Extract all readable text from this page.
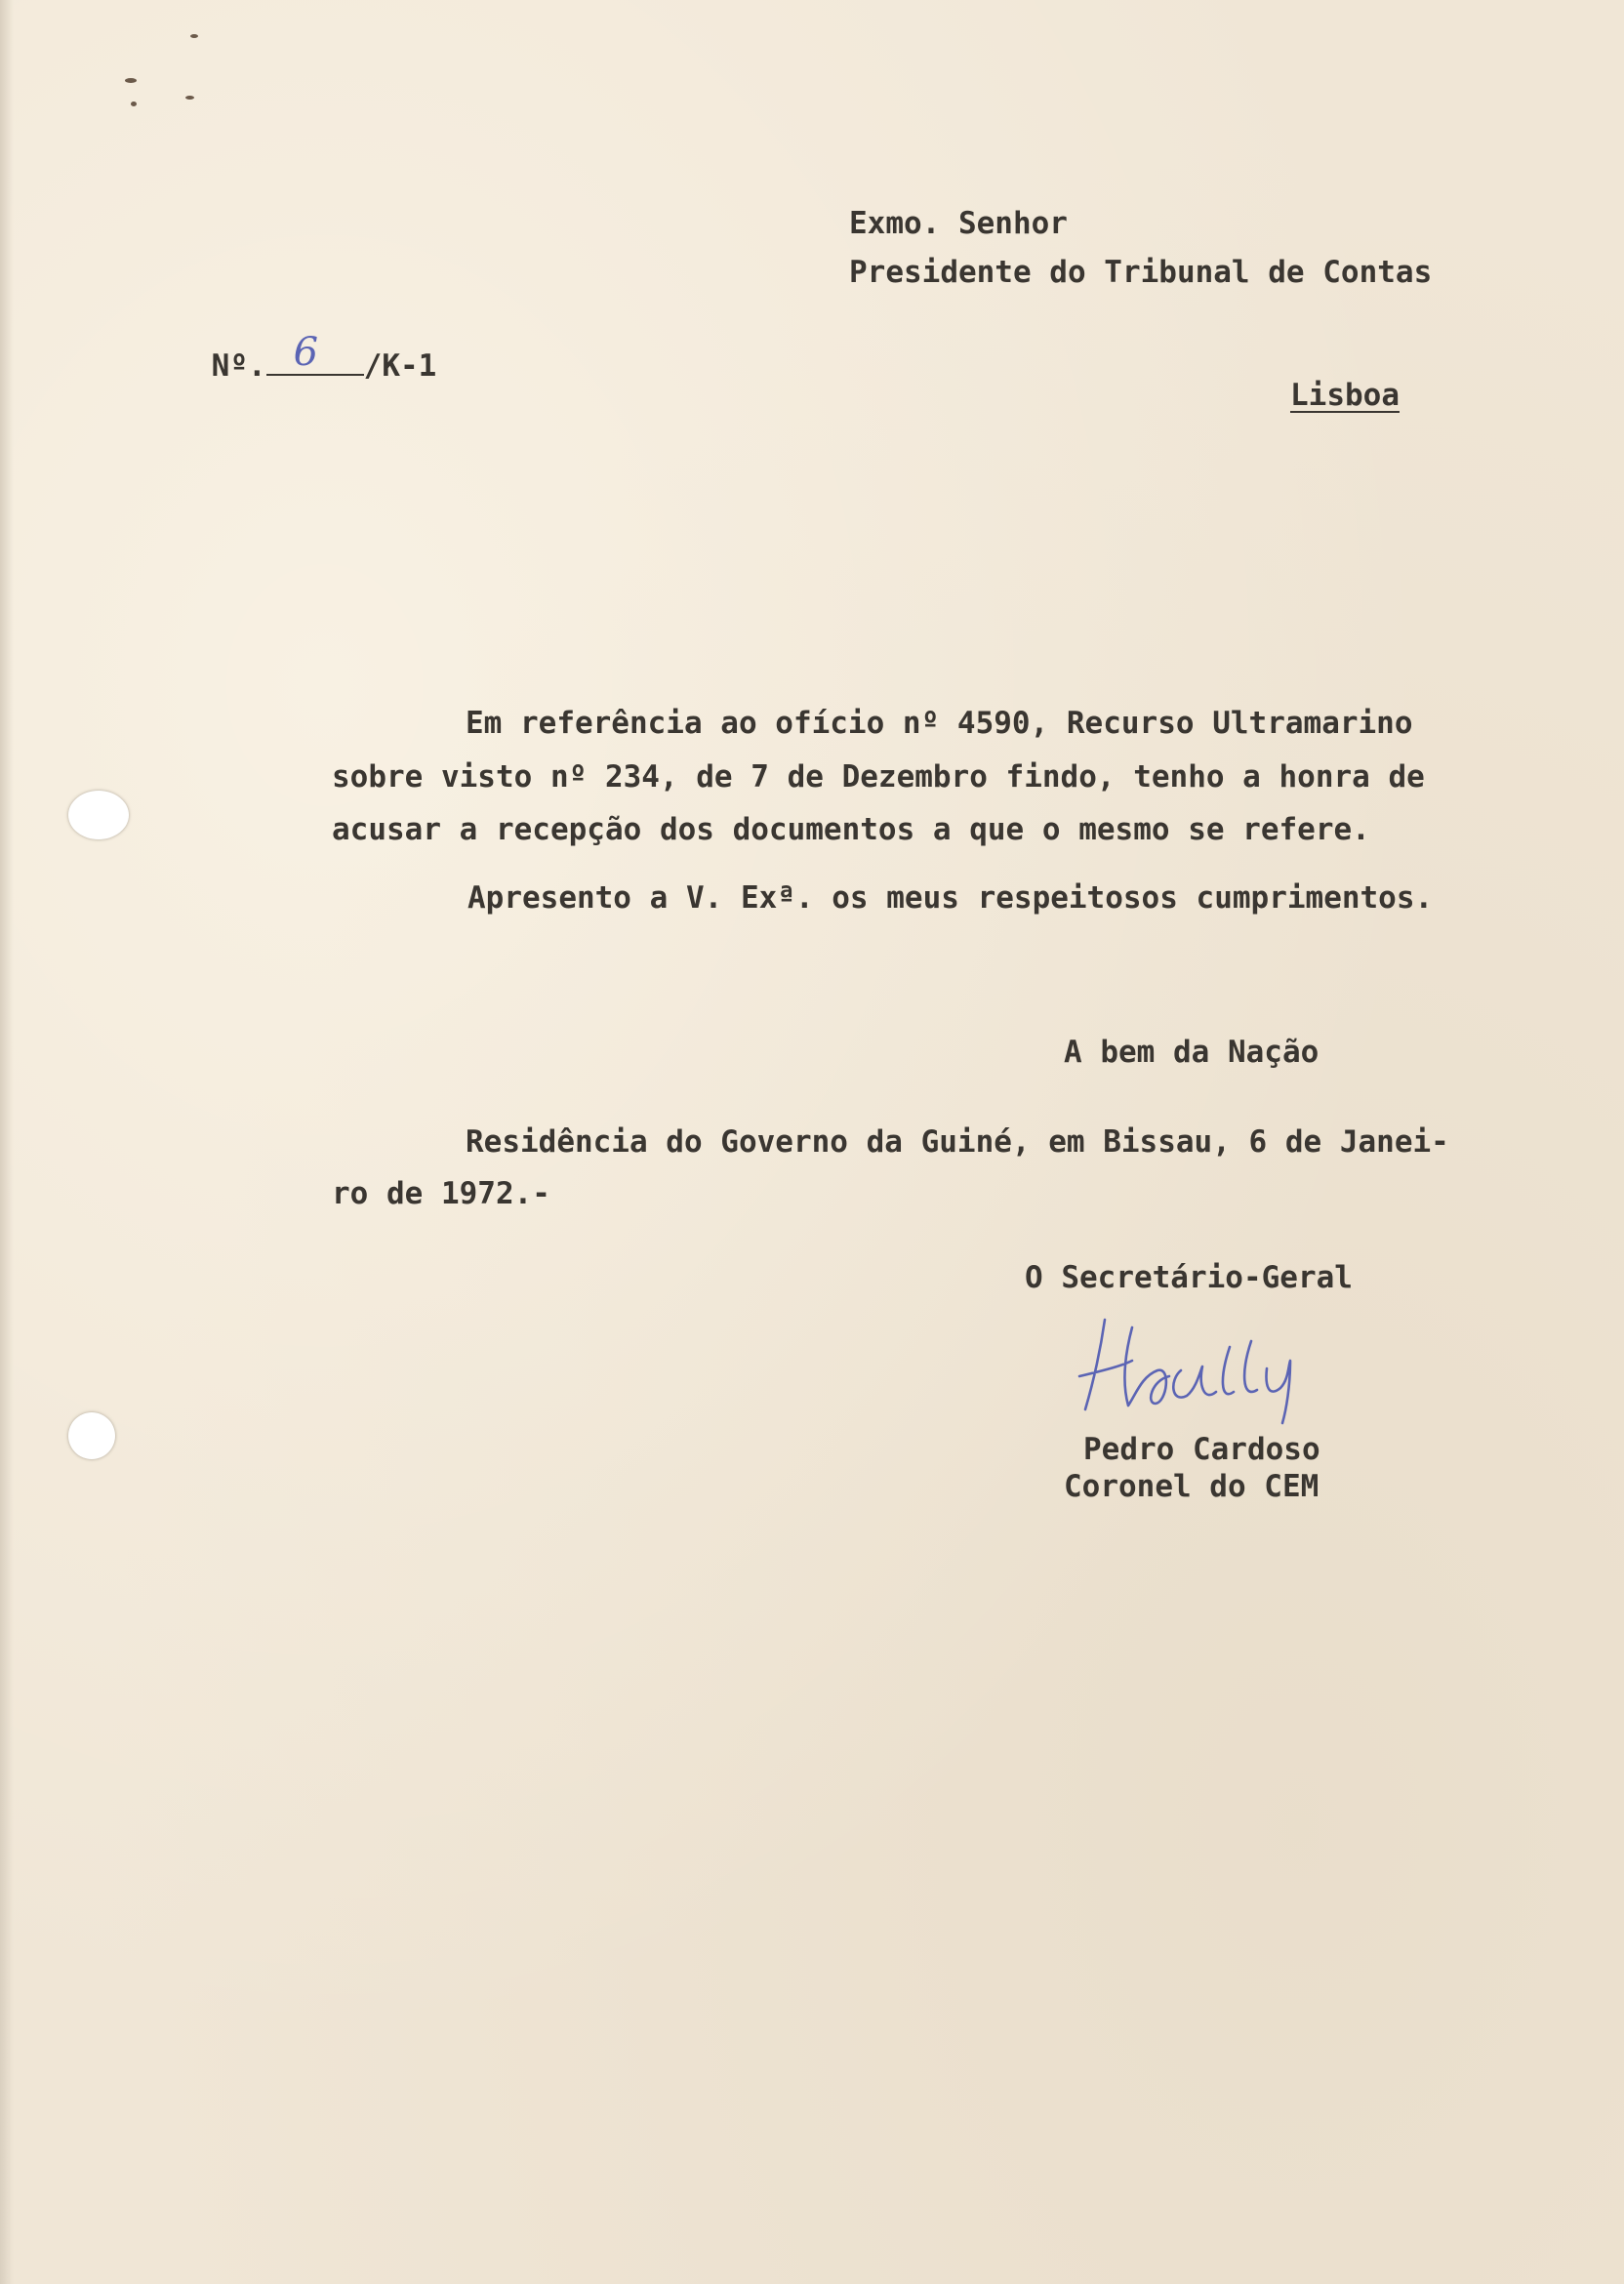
Exmo. Senhor
Presidente do Tribunal de Contas

Nº. 6 /K-1

Lisboa
Em referência ao ofício nº 4590, Recurso Ultramarino
sobre visto nº 234, de 7 de Dezembro findo, tenho a honra de
acusar a recepção dos documentos a que o mesmo se refere.
Apresento a V. Exª. os meus respeitosos cumprimentos.
A bem da Nação
Residência do Governo da Guiné, em Bissau, 6 de Janei-
ro de 1972.-
O Secretário-Geral
Pedro Cardoso
Coronel do CEM
